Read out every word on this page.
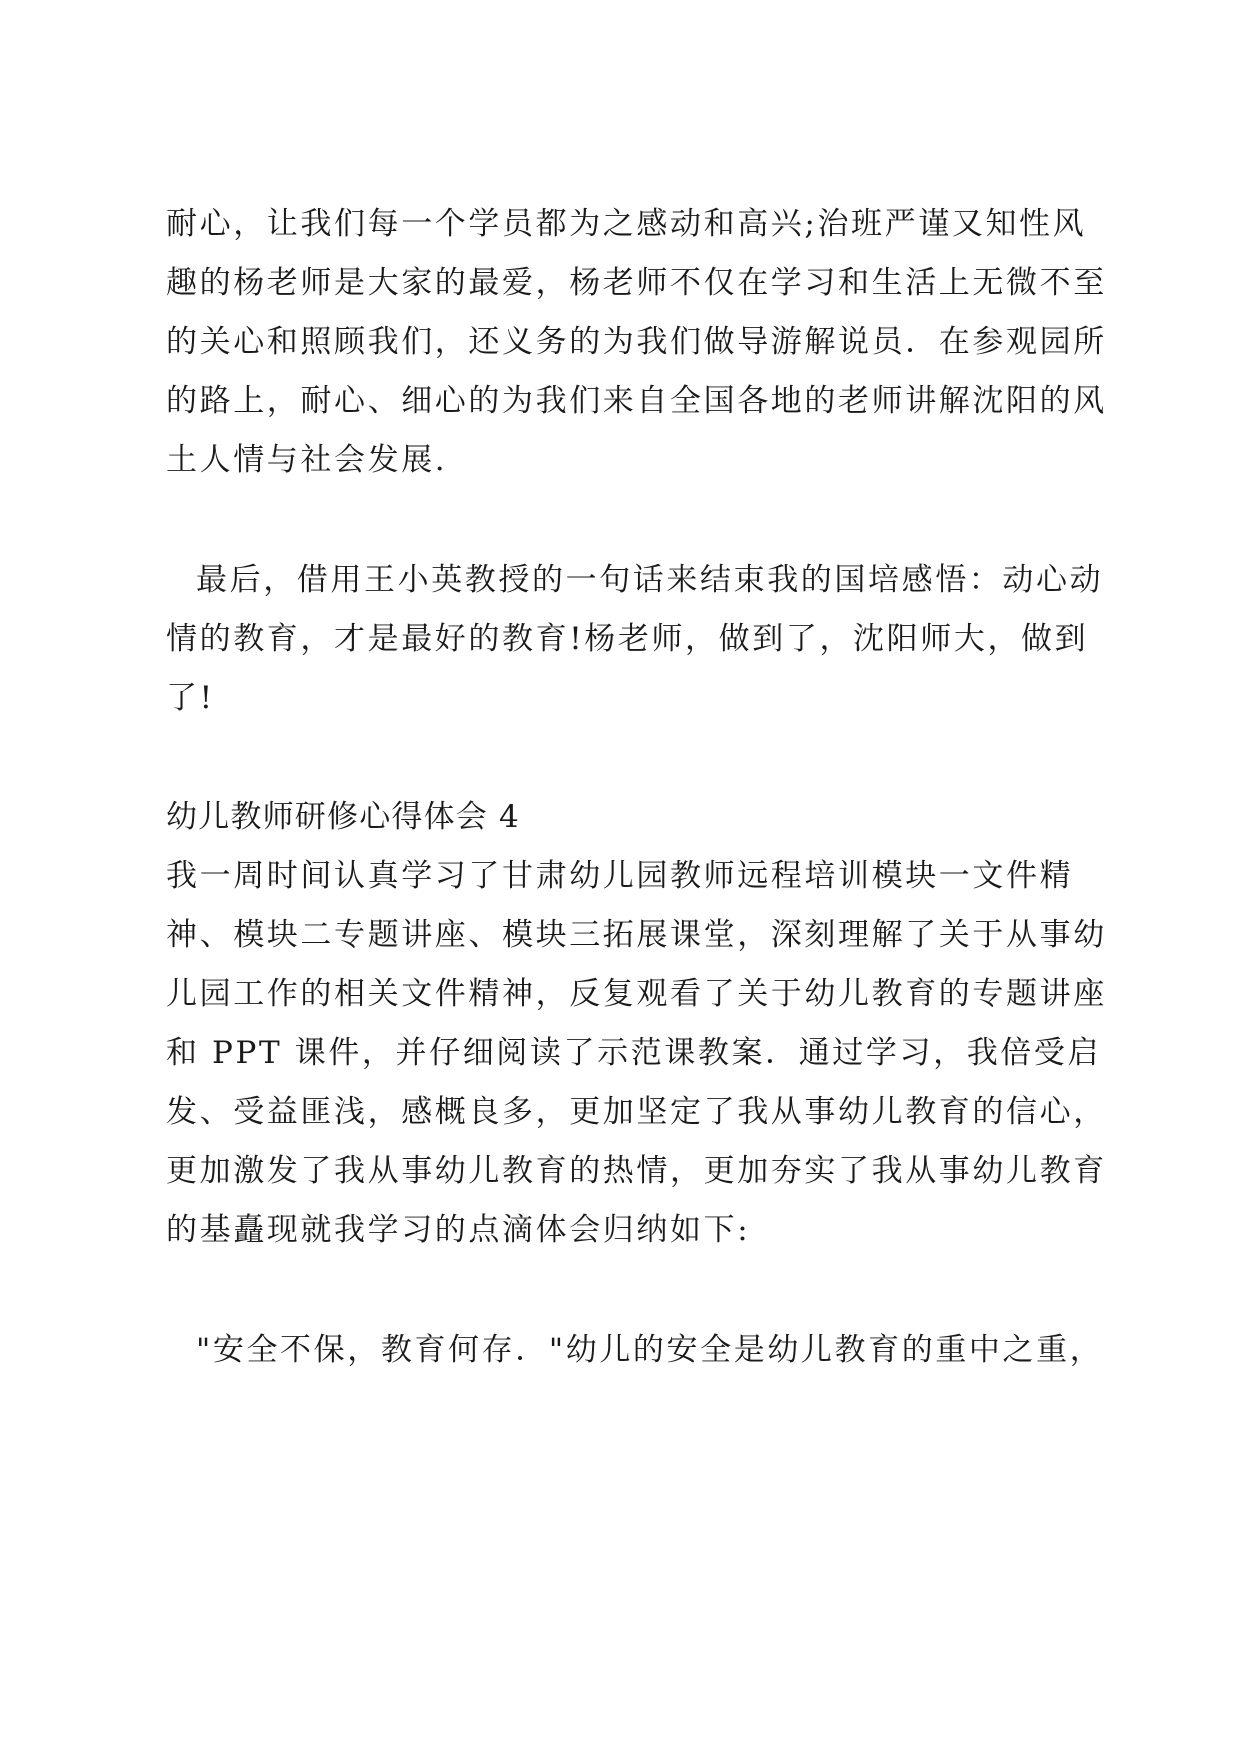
耐心，让我们每一个学员都为之感动和高兴;治班严谨又知性风

趣的杨老师是大家的最爱，杨老师不仅在学习和生活上无微不至

的关心和照顾我们，还义务的为我们做导游解说员．在参观园所

的路上，耐心、细心的为我们来自全国各地的老师讲解沈阳的风

土人情与社会发展.

最后，借用王小英教授的一句话来结束我的国培感悟：动心动

情的教育，才是最好的教育!杨老师，做到了，沈阳师大，做到

了!

幼儿教师研修心得体会 4

我一周时间认真学习了甘肃幼儿园教师远程培训模块一文件精

神、模块二专题讲座、模块三拓展课堂，深刻理解了关于从事幼

儿园工作的相关文件精神，反复观看了关于幼儿教育的专题讲座

和 PPT 课件，并仔细阅读了示范课教案．通过学习，我倍受启

发、受益匪浅，感概良多，更加坚定了我从事幼儿教育的信心，

更加激发了我从事幼儿教育的热情，更加夯实了我从事幼儿教育

的基矗现就我学习的点滴体会归纳如下:

"安全不保，教育何存．"幼儿的安全是幼儿教育的重中之重，
